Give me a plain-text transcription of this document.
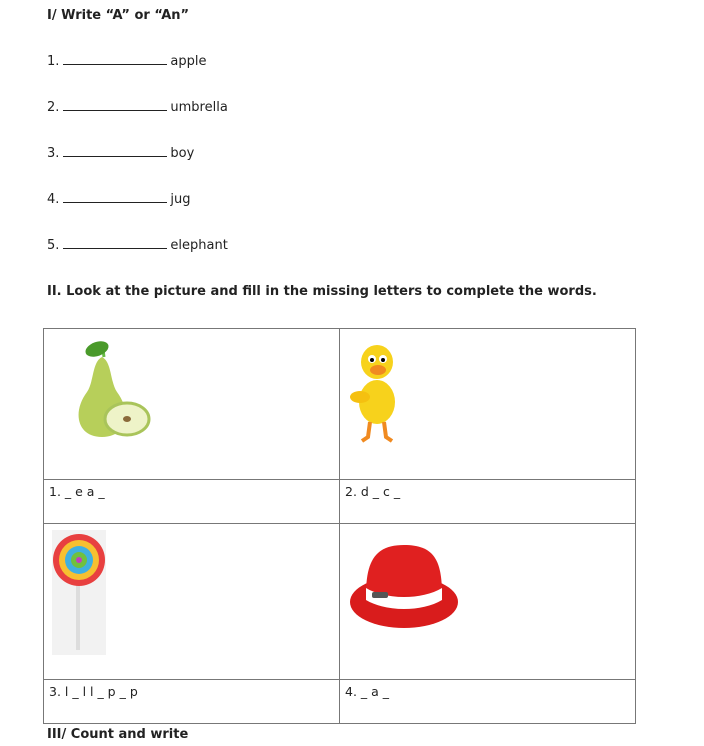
I/ Write “A” or “An”
1.	apple
2.	umbrella
3.	boy
4.	jug
5.	elephant
II. Look at the picture and fill in the missing letters to complete the words.

1. _ e a _	2. d _ c _

3. l _ l l _ p _ p	4. _ a _
III/ Count and write
